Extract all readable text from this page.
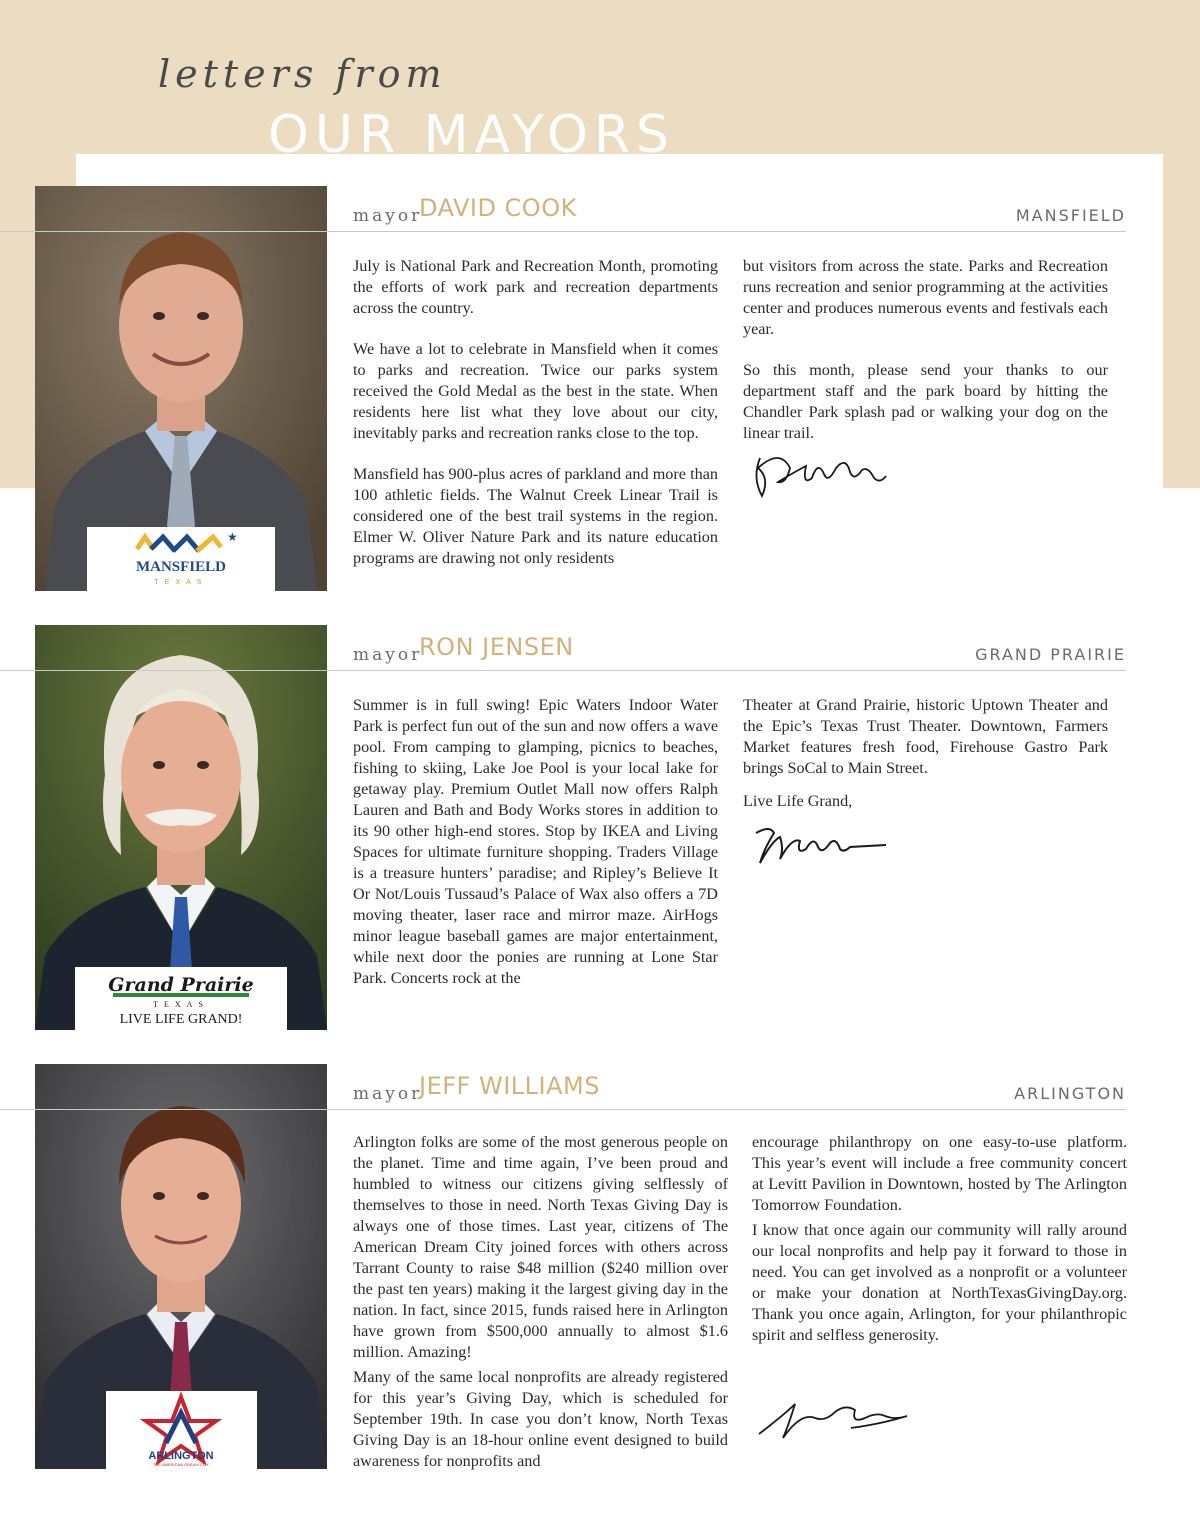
letters from
OUR MAYORS
★
MANSFIELD
TEXAS
mayor
DAVID COOK	MANSFIELD

July is National Park and Recreation Month, promoting the efforts of work park and recreation departments across the country.

We have a lot to celebrate in Mansfield when it comes to parks and recreation. Twice our parks system received the Gold Medal as the best in the state. When residents here list what they love about our city, inevitably parks and recreation ranks close to the top.

Mansfield has 900-plus acres of parkland and more than 100 athletic fields. The Walnut Creek Linear Trail is considered one of the best trail systems in the region. Elmer W. Oliver Nature Park and its nature education programs are drawing not only residents

but visitors from across the state. Parks and Recreation runs recreation and senior programming at the activities center and produces numerous events and festivals each year.

So this month, please send your thanks to our department staff and the park board by hitting the Chandler Park splash pad or walking your dog on the linear trail.

Grand Prairie
TEXAS
LIVE LIFE GRAND!
mayor
RON JENSEN	GRAND PRAIRIE

Summer is in full swing! Epic Waters Indoor Water Park is perfect fun out of the sun and now offers a wave pool. From camping to glamping, picnics to beaches, fishing to skiing, Lake Joe Pool is your local lake for getaway play. Premium Outlet Mall now offers Ralph Lauren and Bath and Body Works stores in addition to its 90 other high-end stores. Stop by IKEA and Living Spaces for ultimate furniture shopping. Traders Village is a treasure hunters’ paradise; and Ripley’s Believe It Or Not/Louis Tussaud’s Palace of Wax also offers a 7D moving theater, laser race and mirror maze. AirHogs minor league baseball games are major entertainment, while next door the ponies are running at Lone Star Park. Concerts rock at the

Theater at Grand Prairie, historic Uptown Theater and the Epic’s Texas Trust Theater. Downtown, Farmers Market features fresh food, Firehouse Gastro Park brings SoCal to Main Street.

Live Life Grand,

ARLINGTON
THE AMERICAN DREAM CITY
mayor
JEFF WILLIAMS	ARLINGTON

Arlington folks are some of the most generous people on the planet. Time and time again, I’ve been proud and humbled to witness our citizens giving selflessly of themselves to those in need. North Texas Giving Day is always one of those times. Last year, citizens of The American Dream City joined forces with others across Tarrant County to raise $48 million ($240 million over the past ten years) making it the largest giving day in the nation. In fact, since 2015, funds raised here in Arlington have grown from $500,000 annually to almost $1.6 million. Amazing!

Many of the same local nonprofits are already registered for this year’s Giving Day, which is scheduled for September 19th. In case you don’t know, North Texas Giving Day is an 18-hour online event designed to build awareness for nonprofits and

encourage philanthropy on one easy-to-use platform. This year’s event will include a free community concert at Levitt Pavilion in Downtown, hosted by The Arlington Tomorrow Foundation.

I know that once again our community will rally around our local nonprofits and help pay it forward to those in need. You can get involved as a nonprofit or a volunteer or make your donation at NorthTexasGivingDay.org. Thank you once again, Arlington, for your philanthropic spirit and selfless generosity.
